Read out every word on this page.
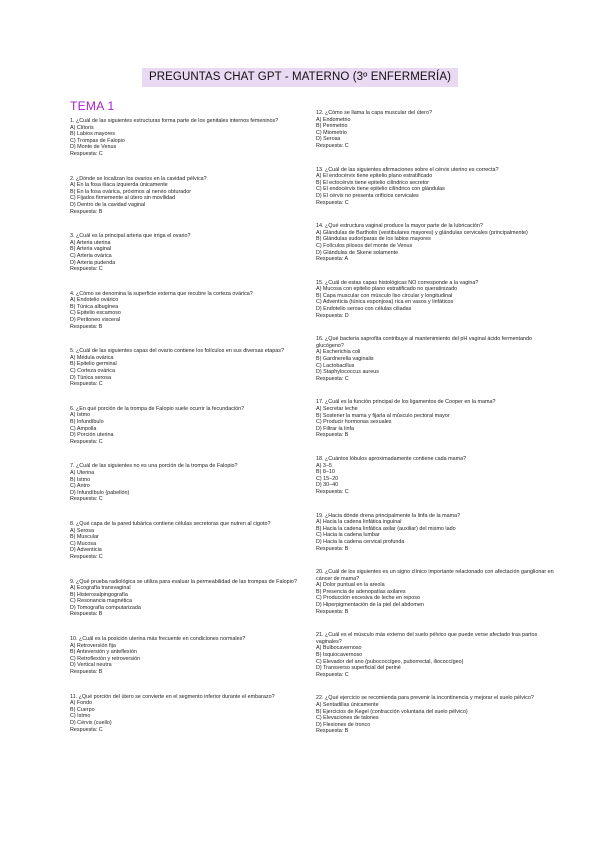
PREGUNTAS CHAT GPT - MATERNO (3º ENFERMERÍA)
TEMA 1
1. ¿Cuál de las siguientes estructuras forma parte de los genitales internos femeninos?
A) Clítoris
B) Labios mayores
C) Trompas de Falopio
D) Monte de Venus
Respuesta: C
2. ¿Dónde se localizan los ovarios en la cavidad pélvica?
A) En la fosa ilíaca izquierda únicamente
B) En la fosa ovárica, próximos al nervio obturador
C) Fijados firmemente al útero sin movilidad
D) Dentro de la cavidad vaginal
Respuesta: B
3. ¿Cuál es la principal arteria que irriga el ovario?
A) Arteria uterina
B) Arteria vaginal
C) Arteria ovárica
D) Arteria pudenda
Respuesta: C
4. ¿Cómo se denomina la superficie externa que recubre la corteza ovárica?
A) Endotelio ovárico
B) Túnica albugínea
C) Epitelio escamoso
D) Peritoneo visceral
Respuesta: B
5. ¿Cuál de las siguientes capas del ovario contiene los folículos en sus diversas etapas?
A) Médula ovárica
B) Epitelio germinal
C) Corteza ovárica
D) Túnica serosa
Respuesta: C
6. ¿En qué porción de la trompa de Falopio suele ocurrir la fecundación?
A) Istmo
B) Infundíbulo
C) Ampolla
D) Porción uterina
Respuesta: C
7. ¿Cuál de las siguientes no es una porción de la trompa de Falopio?
A) Uterina
B) Istmo
C) Antro
D) Infundíbulo (pabellón)
Respuesta: C
8. ¿Qué capa de la pared tubárica contiene células secretoras que nutren al cigoto?
A) Serosa
B) Muscular
C) Mucosa
D) Adventicia
Respuesta: C
9. ¿Qué prueba radiológica se utiliza para evaluar la permeabilidad de las trompas de Falopio?
A) Ecografía transvaginal
B) Histerosalpingografía
C) Resonancia magnética
D) Tomografía computarizada
Respuesta: B
10. ¿Cuál es la posición uterina más frecuente en condiciones normales?
A) Retroversión fija
B) Anteversión y anteflexión
C) Retroflexión y retroversión
D) Vertical neutra
Respuesta: B
11. ¿Qué porción del útero se convierte en el segmento inferior durante el embarazo?
A) Fondo
B) Cuerpo
C) Istmo
D) Cérvix (cuello)
Respuesta: C
12. ¿Cómo se llama la capa muscular del útero?
A) Endometrio
B) Perimetrio
C) Miometrio
D) Serosa
Respuesta: C
13. ¿Cuál de las siguientes afirmaciones sobre el cérvix uterino es correcta?
A) El endocérvix tiene epitelio plano estratificado
B) El ectocérvix tiene epitelio cilíndrico secretor
C) El endocérvix tiene epitelio cilíndrico con glándulas
D) El cérvix no presenta orificios cervicales
Respuesta: C
14. ¿Qué estructura vaginal produce la mayor parte de la lubricación?
A) Glándulas de Bartholin (vestibulares mayores) y glándulas cervicales (principalmente)
B) Glándulas sudoríparas de los labios mayores
C) Folículos pilosos del monte de Venus
D) Glándulas de Skene solamente
Respuesta: A
15. ¿Cuál de estas capas histológicas NO corresponde a la vagina?
A) Mucosa con epitelio plano estratificado no queratinizado
B) Capa muscular con músculo liso circular y longitudinal
C) Adventicia (túnica esponjosa) rica en vasos y linfáticos
D) Endotelio seroso con células ciliadas
Respuesta: D
16. ¿Qué bacteria saprofita contribuye al mantenimiento del pH vaginal ácido fermentando glucógeno?
A) Escherichia coli
B) Gardnerella vaginalis
C) Lactobacillus
D) Staphylococcus aureus
Respuesta: C
17. ¿Cuál es la función principal de los ligamentos de Cooper en la mama?
A) Secretar leche
B) Sostener la mama y fijarla al músculo pectoral mayor
C) Producir hormonas sexuales
D) Filtrar la linfa
Respuesta: B
18. ¿Cuántos lóbulos aproximadamente contiene cada mama?
A) 3–5
B) 8–10
C) 15–20
D) 30–40
Respuesta: C
19. ¿Hacia dónde drena principalmente la linfa de la mama?
A) Hacia la cadena linfática inguinal
B) Hacia la cadena linfática axilar (auxiliar) del mismo lado
C) Hacia la cadena lumbar
D) Hacia la cadena cervical profunda
Respuesta: B
20. ¿Cuál de los siguientes es un signo clínico importante relacionado con afectación ganglionar en cáncer de mama?
A) Dolor puntual en la areola
B) Presencia de adenopatías axilares
C) Producción excesiva de leche en reposo
D) Hiperpigmentación de la piel del abdomen
Respuesta: B
21. ¿Cuál es el músculo más externo del suelo pélvico que puede verse afectado tras partos vaginales?
A) Bulbocavernoso
B) Isquiocavernoso
C) Elevador del ano (pubococcígeo, puborrectal, iliococcígeo)
D) Transverso superficial del periné
Respuesta: C
22. ¿Qué ejercicio se recomienda para prevenir la incontinencia y mejorar el suelo pélvico?
A) Sentadillas únicamente
B) Ejercicios de Kegel (contracción voluntaria del suelo pélvico)
C) Elevaciones de talones
D) Flexiones de tronco
Respuesta: B
